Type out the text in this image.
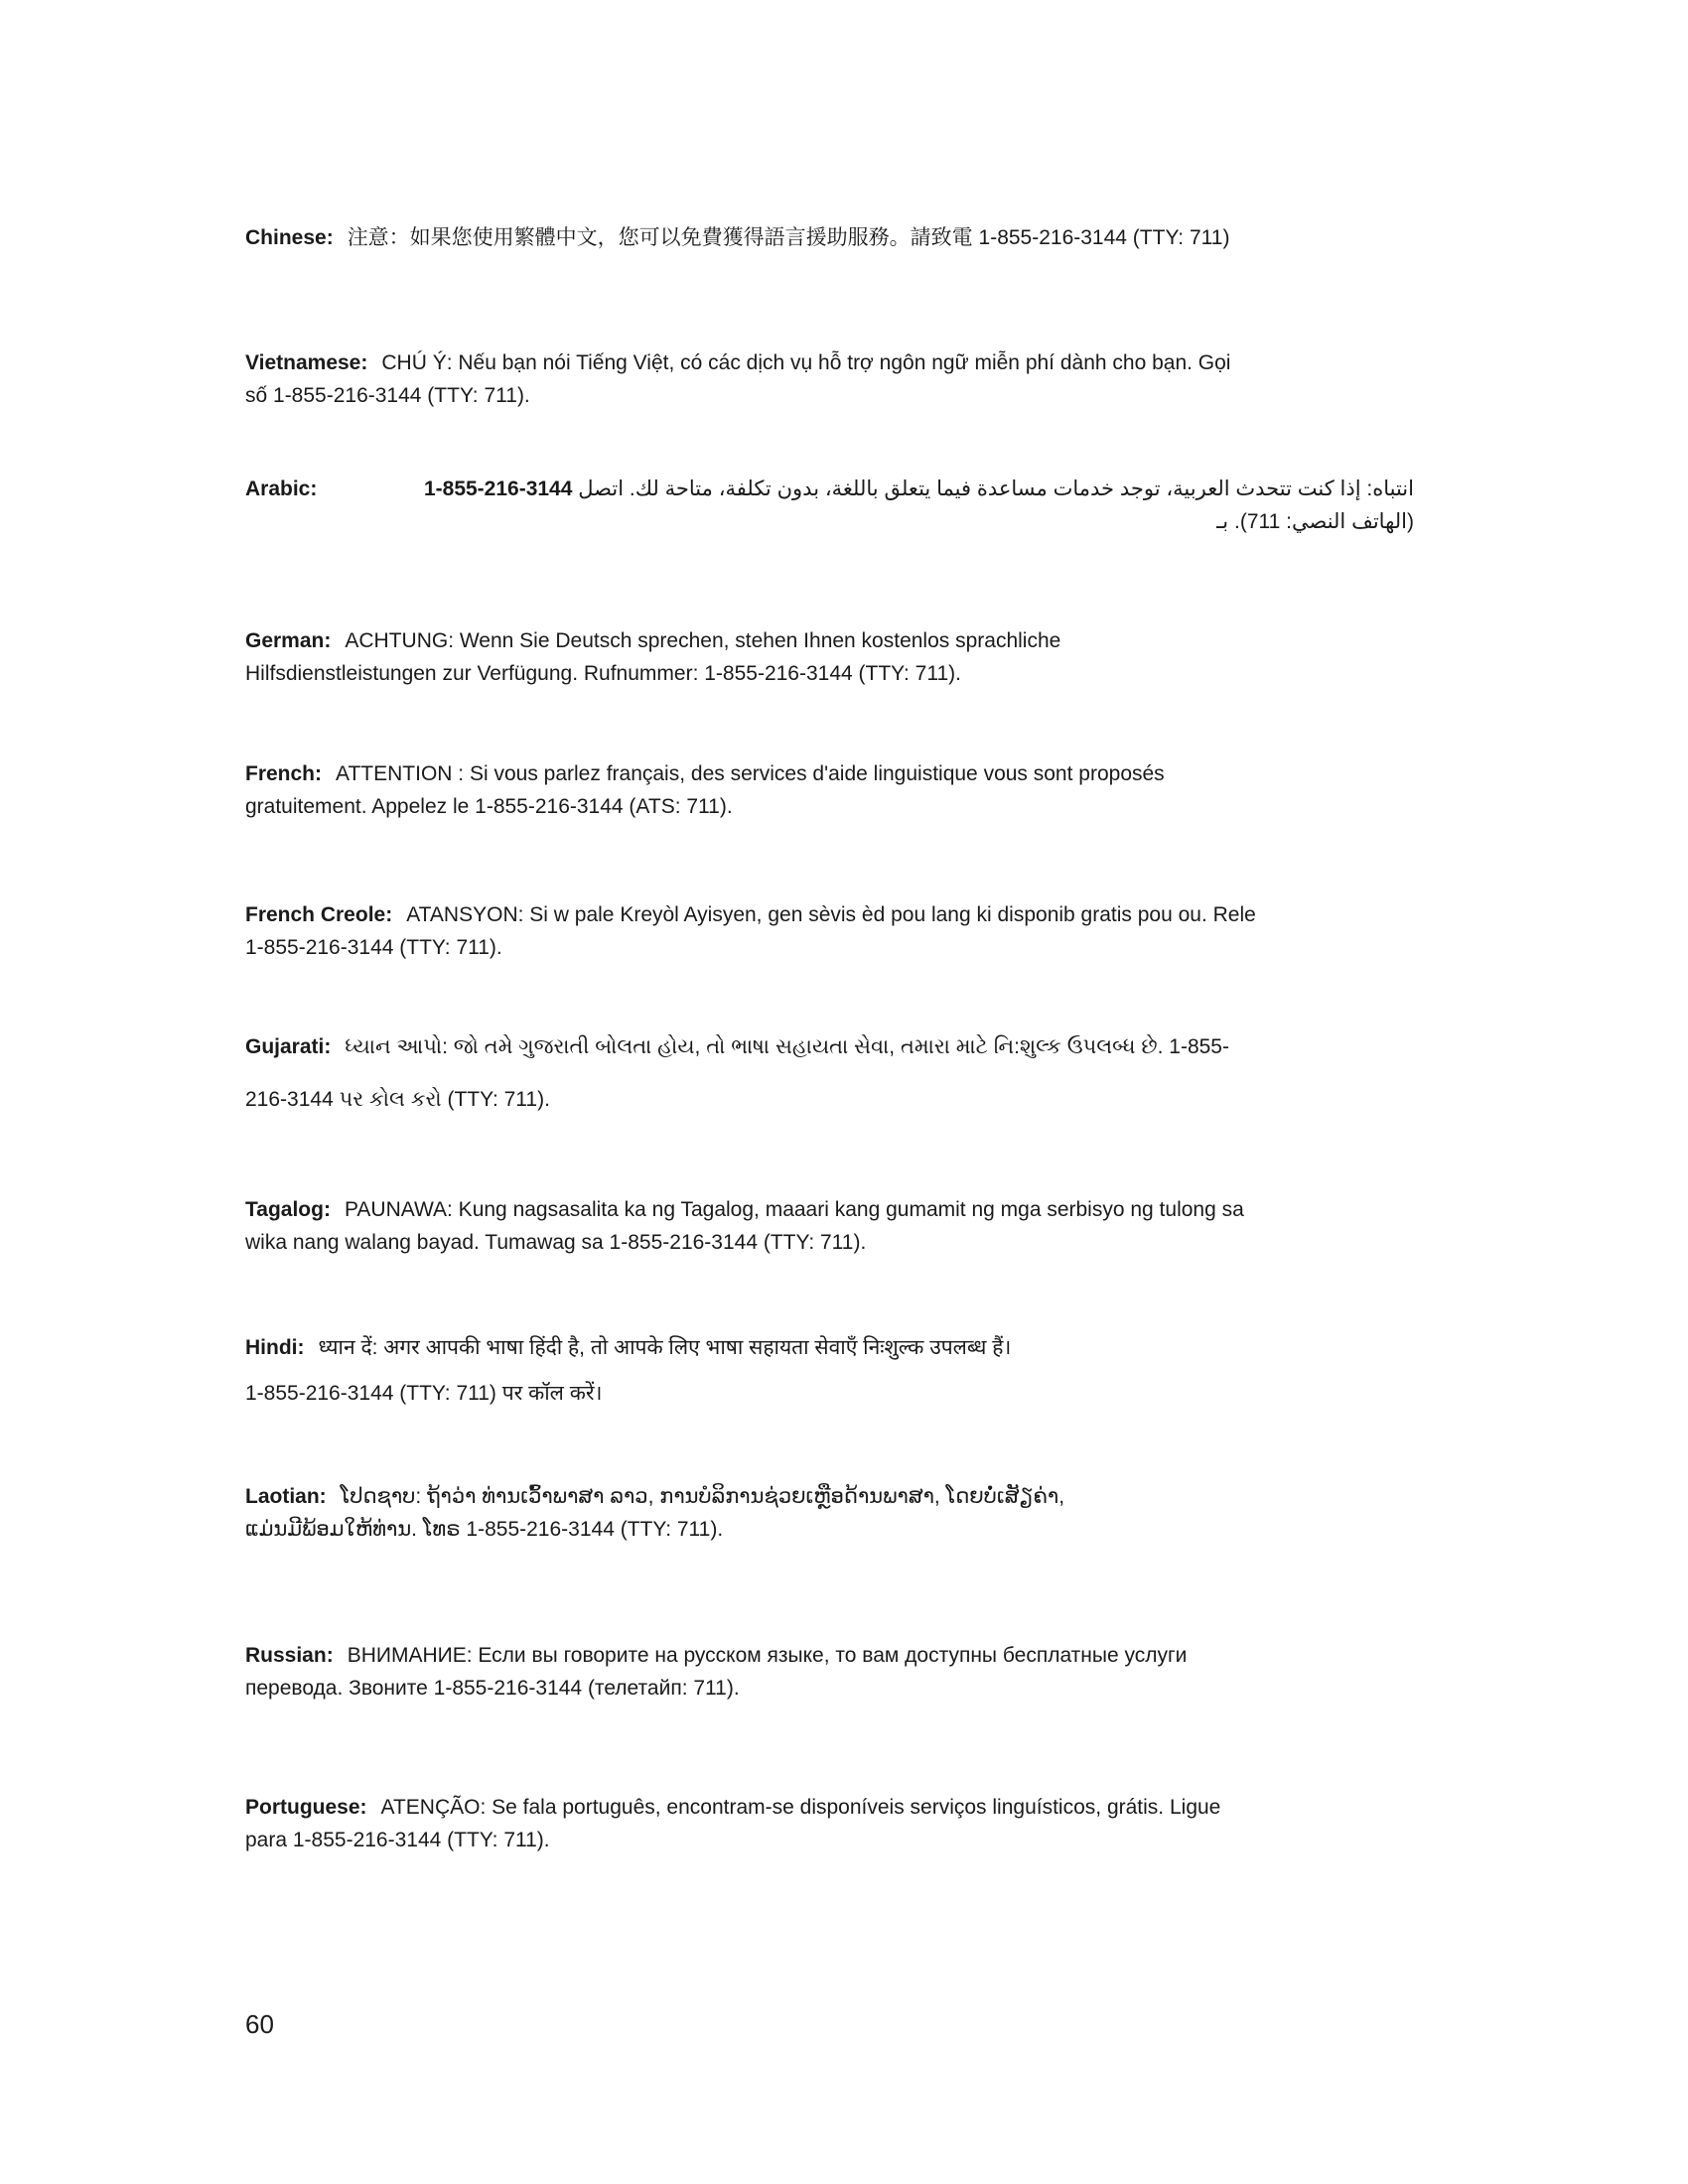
Chinese: 注意：如果您使用繁體中文，您可以免費獲得語言援助服務。請致電 1-855-216-3144 (TTY: 711)
Vietnamese: CHÚ Ý: Nếu bạn nói Tiếng Việt, có các dịch vụ hỗ trợ ngôn ngữ miễn phí dành cho bạn. Gọi
số 1-855-216-3144 (TTY: 711).
German: ACHTUNG: Wenn Sie Deutsch sprechen, stehen Ihnen kostenlos sprachliche
Hilfsdienstleistungen zur Verfügung. Rufnummer: 1-855-216-3144 (TTY: 711).
French: ATTENTION : Si vous parlez français, des services d'aide linguistique vous sont proposés
gratuitement. Appelez le 1-855-216-3144 (ATS: 711).
French Creole: ATANSYON: Si w pale Kreyòl Ayisyen, gen sèvis èd pou lang ki disponib gratis pou ou. Rele
1-855-216-3144 (TTY: 711).
Gujarati: ધ્યાન આપો: જો તમે ગુજરાતી બોલતા હોય, તો ભાષા સહાયતા સેવા, તમારા માટે નિ:શુલ્ક ઉપલબ્ધ છે. 1-855-
216-3144 પર કોલ કરો (TTY: 711).
Tagalog: PAUNAWA: Kung nagsasalita ka ng Tagalog, maaari kang gumamit ng mga serbisyo ng tulong sa
wika nang walang bayad. Tumawag sa 1-855-216-3144 (TTY: 711).
Hindi: ध्यान दें: अगर आपकी भाषा हिंदी है, तो आपके लिए भाषा सहायता सेवाएँ निःशुल्क उपलब्ध हैं।
1-855-216-3144 (TTY: 711) पर कॉल करें।
Laotian: ໂປດຊາບ: ຖ້າວ່າ ທ່ານເວົ້າພາສາ ລາວ, ການບໍລິການຊ່ວຍເຫຼືອດ້ານພາສາ, ໂດຍບໍ່ເສັຽຄ່າ,
ແມ່ນມີພ້ອມໃຫ້ທ່ານ. ໂທຣ 1-855-216-3144 (TTY: 711).
Russian: ВНИМАНИЕ: Если вы говорите на русском языке, то вам доступны бесплатные услуги
перевода. Звоните 1-855-216-3144 (телетайп: 711).
Portuguese: ATENÇÃO: Se fala português, encontram-se disponíveis serviços linguísticos, grátis. Ligue
para 1-855-216-3144 (TTY: 711).
Arabic:	انتباه: إذا كنت تتحدث العربية، توجد خدمات مساعدة فيما يتعلق باللغة، بدون تكلفة، متاحة لك. اتصل 1-855-216-3144
(الهاتف النصي: 711). بـ
60
